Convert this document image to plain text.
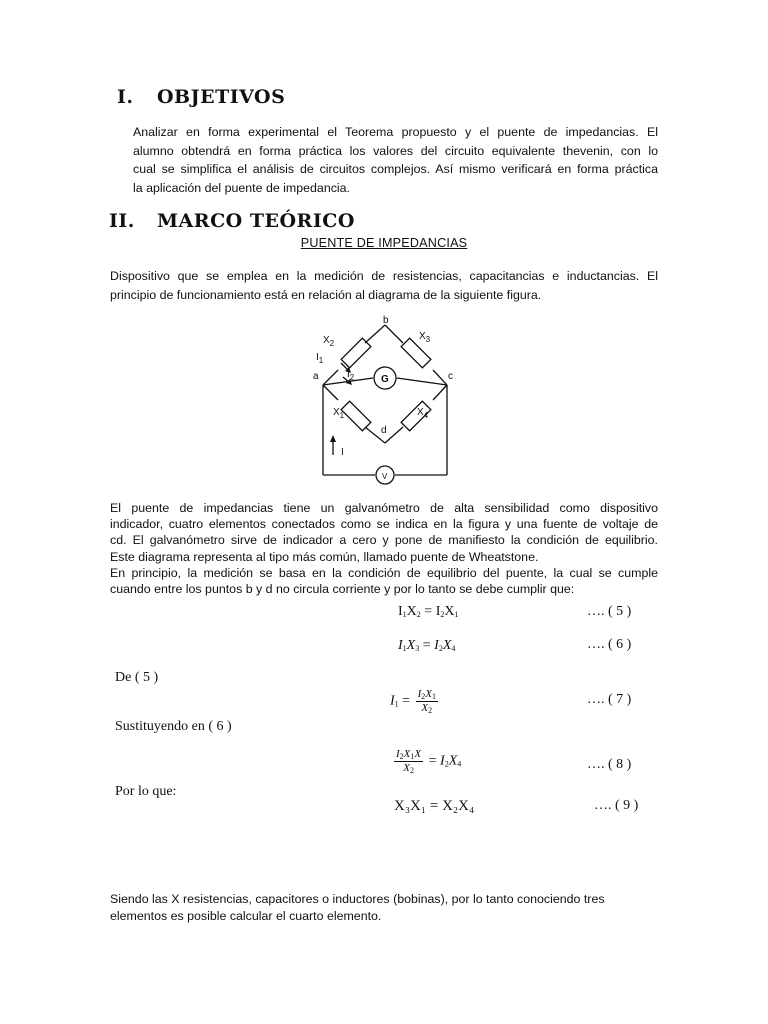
I. OBJETIVOS
Analizar en forma experimental el Teorema propuesto y el puente de impedancias. El
alumno obtendrá en forma práctica los valores del circuito equivalente thevenin, con lo
cual se simplifica el análisis de circuitos complejos. Así mismo verificará en forma práctica
la aplicación del puente de impedancia.
II. MARCO TEÓRICO
PUENTE DE IMPEDANCIAS
Dispositivo que se emplea en la medición de resistencias, capacitancias e inductancias. El
principio de funcionamiento está en relación al diagrama de la siguiente figura.
b
a	c
d
G
V
I
$X_2$
$X_3$
$X_1$	$X_4$
$I_1$
$I_2$
El puente de impedancias tiene un galvanómetro de alta sensibilidad como dispositivo
indicador, cuatro elementos conectados como se indica en la figura y una fuente de voltaje de
cd. El galvanómetro sirve de indicador a cero y pone de manifiesto la condición de equilibrio.
Este diagrama representa al tipo más común, llamado puente de Wheatstone.
En principio, la medición se basa en la condición de equilibrio del puente, la cual se cumple
cuando entre los puntos b y d no circula corriente y por lo tanto se debe cumplir que:
$I_1X_2 = I_2X_1$	…. ( 5 )
$I_1X_3 = I_2X_4$	…. ( 6 )
De ( 5 )
$I_1 = \frac{I_2X_1}{X_2}$	…. ( 7 )
Sustituyendo en ( 6 )
$\frac{I_2X_1X}{X_2} = I_2X_4$	…. ( 8 )
Por lo que:
X₃X₁ = X₂X₄	…. ( 9 )
Siendo las X resistencias, capacitores o inductores (bobinas), por lo tanto conociendo tres
elementos es posible calcular el cuarto elemento.
